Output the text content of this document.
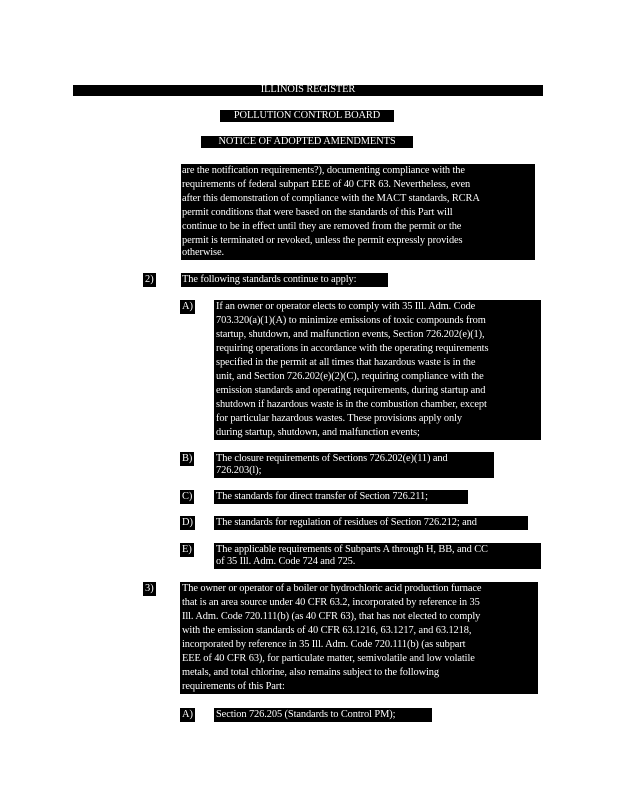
ILLINOIS REGISTER
POLLUTION CONTROL BOARD
NOTICE OF ADOPTED AMENDMENTS
are the notification requirements?), documenting compliance with the
requirements of federal subpart EEE of 40 CFR 63. Nevertheless, even
after this demonstration of compliance with the MACT standards, RCRA
permit conditions that were based on the standards of this Part will
continue to be in effect until they are removed from the permit or the
permit is terminated or revoked, unless the permit expressly provides
otherwise.
2)	The following standards continue to apply:
A) If an owner or operator elects to comply with 35 Ill. Adm. Code
703.320(a)(1)(A) to minimize emissions of toxic compounds from
startup, shutdown, and malfunction events, Section 726.202(e)(1),
requiring operations in accordance with the operating requirements
specified in the permit at all times that hazardous waste is in the
unit, and Section 726.202(e)(2)(C), requiring compliance with the
emission standards and operating requirements, during startup and
shutdown if hazardous waste is in the combustion chamber, except
for particular hazardous wastes. These provisions apply only
during startup, shutdown, and malfunction events;
B) The closure requirements of Sections 726.202(e)(11) and
726.203(l);
C) The standards for direct transfer of Section 726.211;
D) The standards for regulation of residues of Section 726.212; and
E) The applicable requirements of Subparts A through H, BB, and CC
of 35 Ill. Adm. Code 724 and 725.
3)	The owner or operator of a boiler or hydrochloric acid production furnace
that is an area source under 40 CFR 63.2, incorporated by reference in 35
Ill. Adm. Code 720.111(b) (as 40 CFR 63), that has not elected to comply
with the emission standards of 40 CFR 63.1216, 63.1217, and 63.1218,
incorporated by reference in 35 Ill. Adm. Code 720.111(b) (as subpart
EEE of 40 CFR 63), for particulate matter, semivolatile and low volatile
metals, and total chlorine, also remains subject to the following
requirements of this Part:
A) Section 726.205 (Standards to Control PM);
